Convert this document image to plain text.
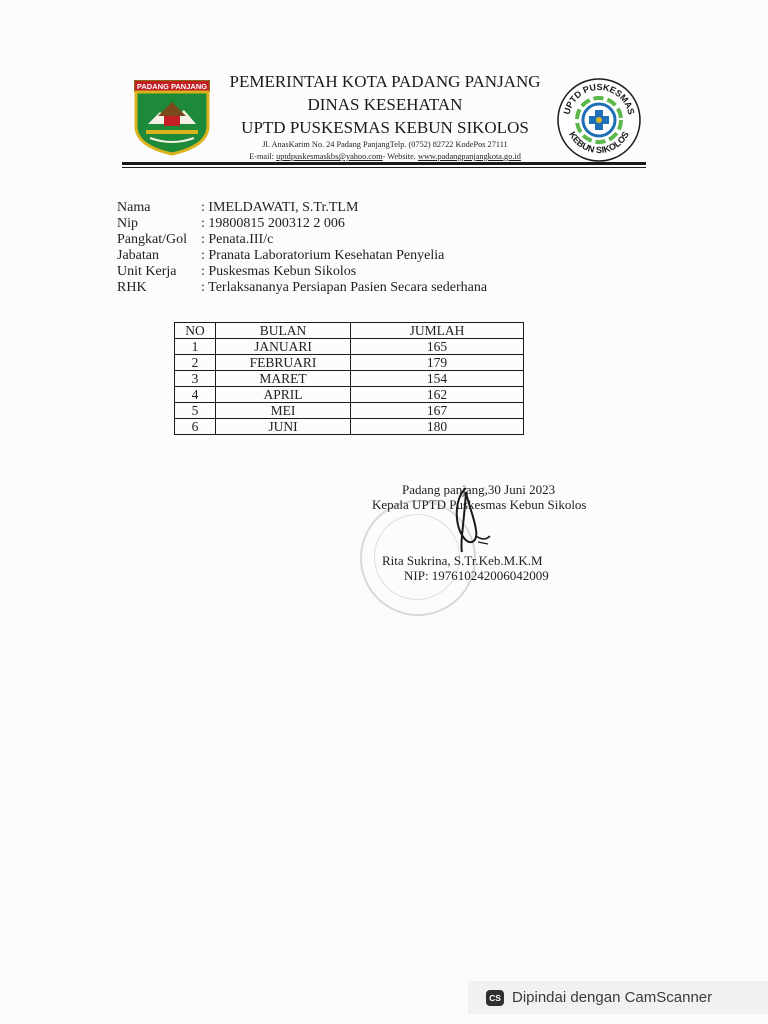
PADANG PANJANG	PEMERINTAH KOTA PADANG PANJANG
DINAS KESEHATAN
UPTD PUSKESMAS KEBUN SIKOLOS
Jl. AnasKarim No. 24 Padang PanjangTelp. (0752) 82722 KodePos 27111
E-mail: uptdpuskesmaskbs@yahoo.com- Website. www.padangpanjangkota.go.id
UPTD PUSKESMAS
KEBUN SIKOLOS
Nama	: IMELDAWATI, S.Tr.TLM
Nip	: 19800815 200312 2 006
Pangkat/Gol : Penata.III/c
Jabatan	: Pranata Laboratorium Kesehatan Penyelia
Unit Kerja : Puskesmas Kebun Sikolos
RHK	: Terlaksananya Persiapan Pasien Secara sederhana
NO	BULAN	JUMLAH
1	JANUARI	165
2	FEBRUARI	179
3	MARET	154
4	APRIL	162
5	MEI	167
6	JUNI	180
Padang panjang,30 Juni 2023
Kepala UPTD Puskesmas Kebun Sikolos
Rita Sukrina, S.Tr.Keb.M.K.M
NIP: 197610242006042009
CS Dipindai dengan CamScanner
